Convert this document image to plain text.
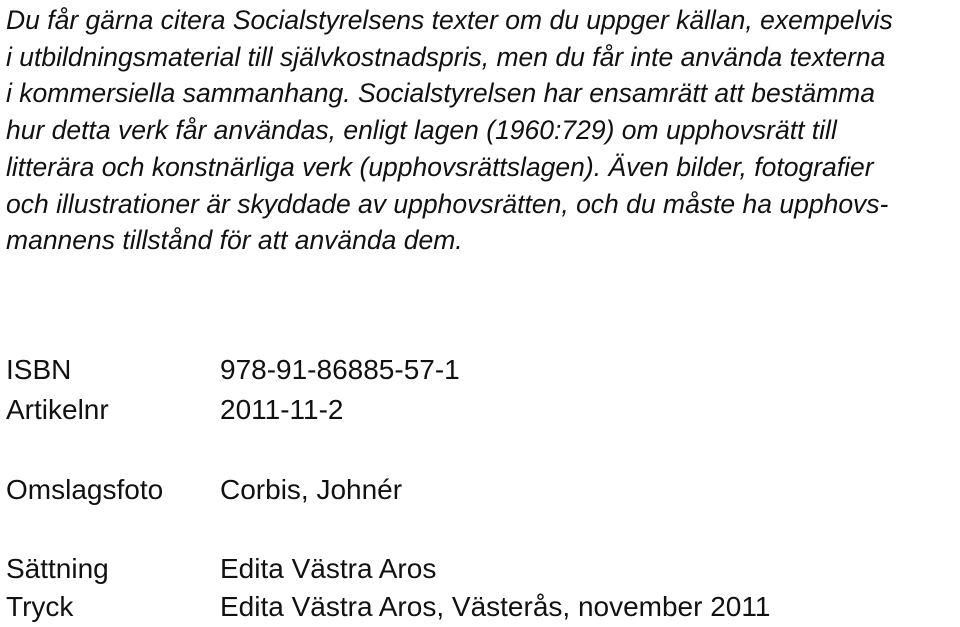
Du får gärna citera Socialstyrelsens texter om du uppger källan, exempelvis
i utbildningsmaterial till självkostnadspris, men du får inte använda texterna
i kommersiella sammanhang. Socialstyrelsen har ensamrätt att bestämma
hur detta verk får användas, enligt lagen (1960:729) om upphovsrätt till
litterära och konstnärliga verk (upphovsrättslagen). Även bilder, fotografier
och illustrationer är skyddade av upphovsrätten, och du måste ha upphovs-
mannens tillstånd för att använda dem.
ISBN	978-91-86885-57-1
Artikelnr	2011-11-2
Omslagsfoto Corbis, Johnér
Sättning	Edita Västra Aros
Tryck	Edita Västra Aros, Västerås, november 2011
